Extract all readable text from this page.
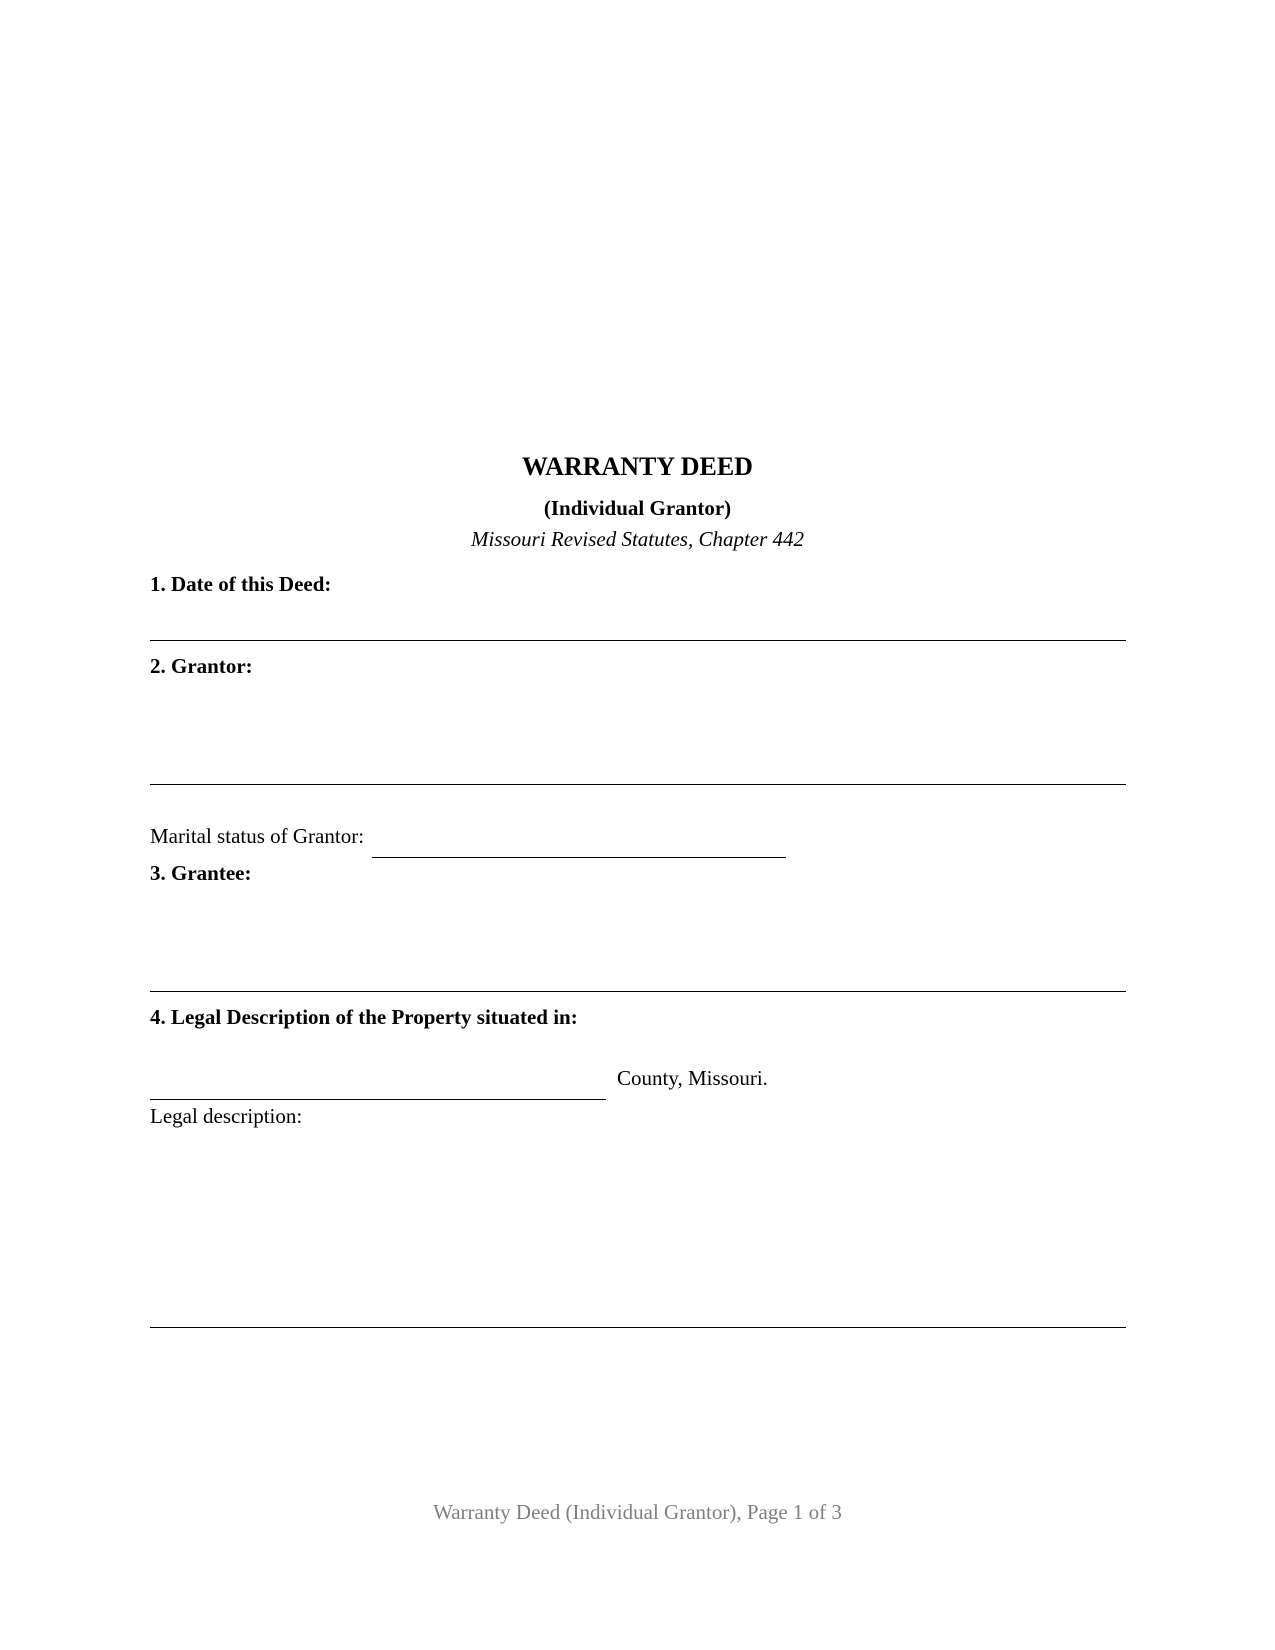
WARRANTY DEED
(Individual Grantor)
Missouri Revised Statutes, Chapter 442
1. Date of this Deed:
2. Grantor:
Marital status of Grantor:
3. Grantee:
4. Legal Description of the Property situated in:
County, Missouri.
Legal description:
Warranty Deed (Individual Grantor), Page 1 of 3
